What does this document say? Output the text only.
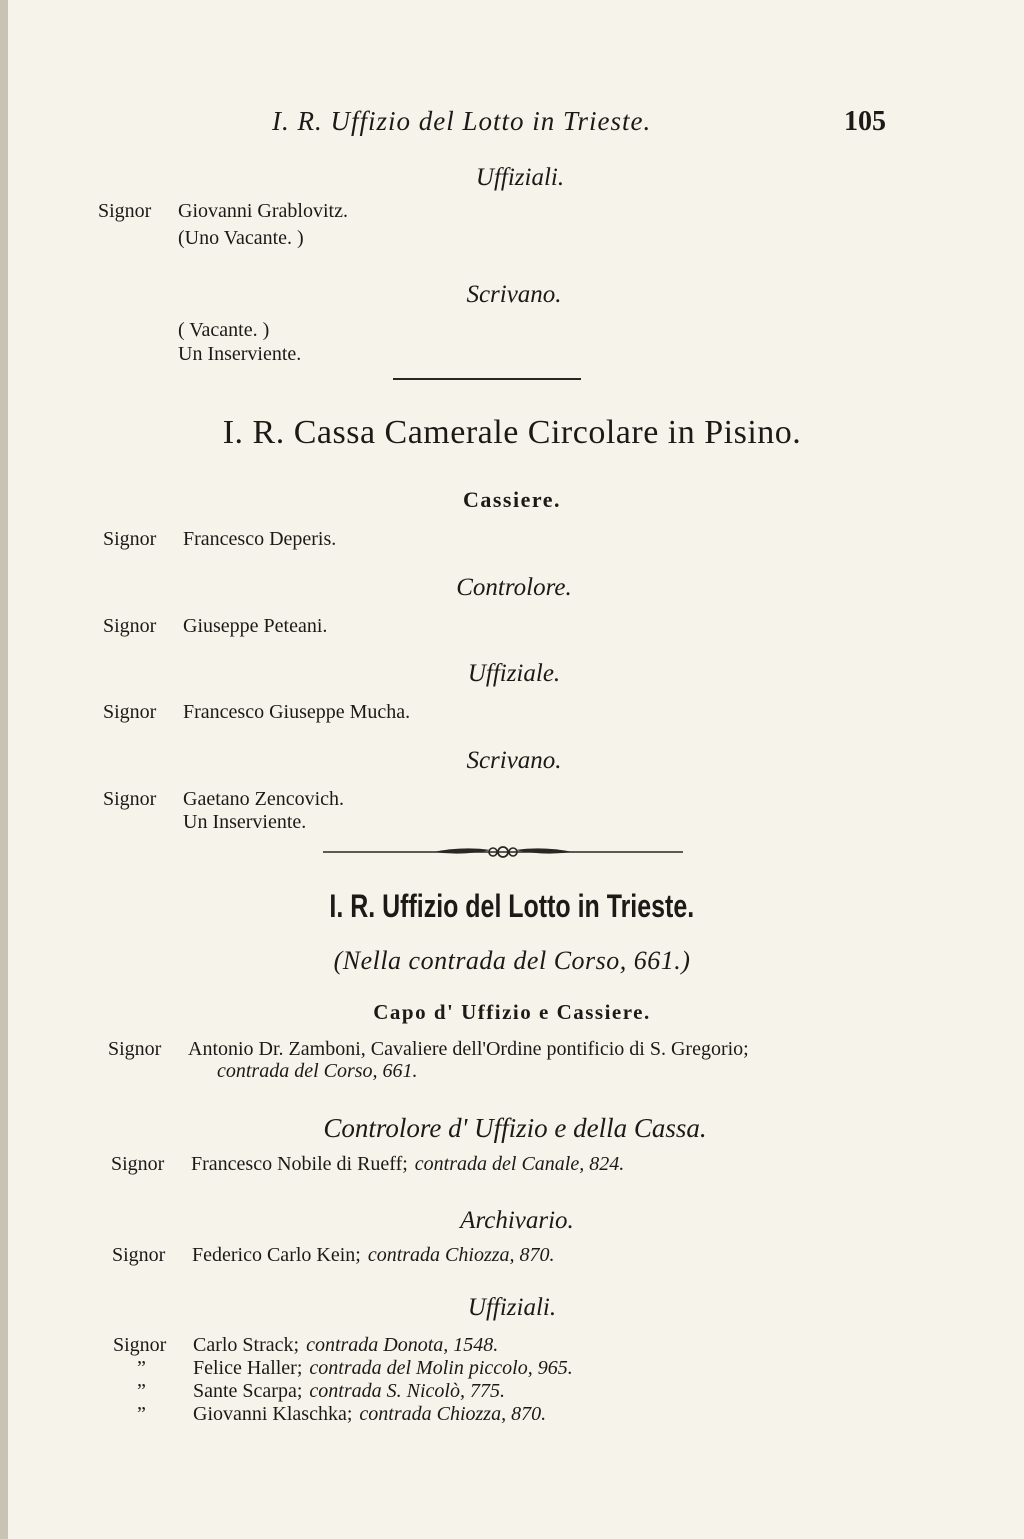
I. R. Uffizio del Lotto in Trieste.	105
Uffiziali.
Signor	Giovanni Grablovitz.
(Uno Vacante. )
Scrivano.
( Vacante. )
Un Inserviente.
I. R. Cassa Camerale Circolare in Pisino.
Cassiere.
Signor	Francesco Deperis.
Controlore.
Signor	Giuseppe Peteani.
Uffiziale.
Signor	Francesco Giuseppe Mucha.
Scrivano.
Signor	Gaetano Zencovich.
Un Inserviente.
I. R. Uffizio del Lotto in Trieste.
(Nella contrada del Corso, 661.)
Capo d' Uffizio e Cassiere.
Signor	Antonio Dr. Zamboni, Cavaliere dell'Ordine pontificio di S. Gregorio;
contrada del Corso, 661.
Controlore d' Uffizio e della Cassa.
Signor	Francesco Nobile di Rueff; contrada del Canale, 824.
Archivario.
Signor	Federico Carlo Kein; contrada Chiozza, 870.
Uffiziali.
Signor	Carlo Strack; contrada Donota, 1548.
”	Felice Haller; contrada del Molin piccolo, 965.
”	Sante Scarpa; contrada S. Nicolò, 775.
”	Giovanni Klaschka; contrada Chiozza, 870.
